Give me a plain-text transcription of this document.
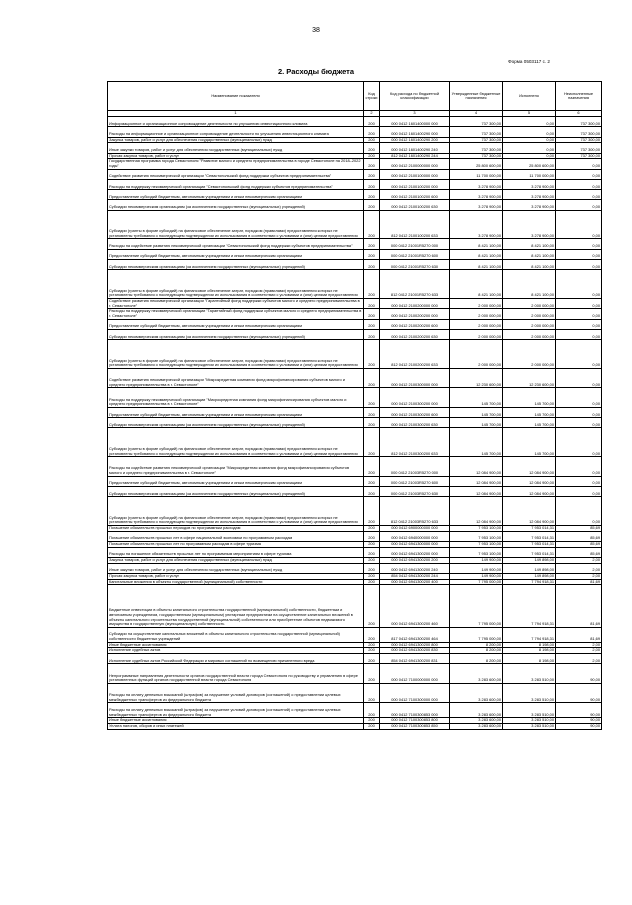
38
Форма 0503117 с. 2
2. Расходы бюджета
Наименование показателя	Код строки	Код расхода по бюджетной классификации	Утвержденные бюджетные назначения	Исполнено	Неисполненные назначения
1	2	3	4	5	6
Информационное и организационное сопровождение деятельности по улучшению инвестиционного климата	200	000 0412 1601400000 000	737 300,00	0,00	737 300,00
Расходы на информационное и организационное сопровождение деятельности по улучшению инвестиционного климата	200	000 0412 1601400290 000	737 300,00	0,00	737 300,00
Закупка товаров, работ и услуг для обеспечения государственных (муниципальных) нужд	200	000 0412 1601400290 200	737 300,00	0,00	737 300,00
Иные закупки товаров, работ и услуг для обеспечения государственных (муниципальных) нужд	200	000 0412 1601400290 240	737 300,00	0,00	737 300,00
Прочая закупка товаров, работ и услуг	200	812 0412 1601400290 244	737 300,00	0,00	737 300,00
Государственная программа города Севастополя "Развитие малого и среднего предпринимательства в городе Севастополе на 2018–2022 годы"	200	000 0412 2100000000 000	25 800 600,00	25 800 600,00	0,00
Содействие развитию некоммерческой организации "Севастопольский фонд поддержки субъектов предпринимательства"	200	000 0412 2100100000 000	11 700 000,00	11 700 000,00	0,00
Расходы на поддержку некоммерческой организации "Севастопольский фонд поддержки субъектов предпринимательства"	200	000 0412 2100100200 000	3 278 900,00	3 278 900,00	0,00
Предоставление субсидий бюджетным, автономным учреждениям и иным некоммерческим организациям	200	000 0412 2100100200 600	3 278 900,00	3 278 900,00	0,00
Субсидии некоммерческим организациям (за исключением государственных (муниципальных) учреждений)	200	000 0412 2100100200 630	3 278 900,00	3 278 900,00	0,00
Субсидии (гранты в форме субсидий) на финансовое обеспечение затрат, порядком (правилами) предоставления которых не установлены требования о последующем подтверждении их использования в соответствии с условиями и (или) целями предоставления	200	812 0412 2100100200 633	3 278 900,00	3 278 900,00	0,00
Расходы на содействие развитию некоммерческой организации "Севастопольский фонд поддержки субъектов предпринимательства"	200	000 0412 21001R5270 000	8 421 100,00	8 421 100,00	0,00
Предоставление субсидий бюджетным, автономным учреждениям и иным некоммерческим организациям	200	000 0412 21001R5270 600	8 421 100,00	8 421 100,00	0,00
Субсидии некоммерческим организациям (за исключением государственных (муниципальных) учреждений)	200	000 0412 21001R5270 630	8 421 100,00	8 421 100,00	0,00
Субсидии (гранты в форме субсидий) на финансовое обеспечение затрат, порядком (правилами) предоставления которых не установлены требования о последующем подтверждении их использования в соответствии с условиями и (или) целями предоставления	200	812 0412 21001R5270 633	8 421 100,00	8 421 100,00	0,00
Содействие развитию некоммерческой организации "Гарантийный фонд поддержки субъектов малого и среднего предпринимательства в г. Севастополе"	200	000 0412 2100200000 000	2 000 000,00	2 000 000,00	0,00
Расходы на поддержку некоммерческой организации "Гарантийный фонд поддержки субъектов малого и среднего предпринимательства в г. Севастополе"	200	000 0412 2100200200 000	2 000 000,00	2 000 000,00	0,00
Предоставление субсидий бюджетным, автономным учреждениям и иным некоммерческим организациям	200	000 0412 2100200200 600	2 000 000,00	2 000 000,00	0,00
Субсидии некоммерческим организациям (за исключением государственных (муниципальных) учреждений)	200	000 0412 2100200200 630	2 000 000,00	2 000 000,00	0,00
Субсидии (гранты в форме субсидий) на финансовое обеспечение затрат, порядком (правилами) предоставления которых не установлены требования о последующем подтверждении их использования в соответствии с условиями и (или) целями предоставления	200	812 0412 2100200200 633	2 000 000,00	2 000 000,00	0,00
Содействие развитию некоммерческой организации "Микрокредитная компания фонд микрофинансирования субъектов малого и среднего предпринимательства в г. Севастополе"	200	000 0412 2100300000 000	12 230 600,00	12 230 600,00	0,00
Расходы на поддержку некоммерческой организации "Микрокредитная компания фонд микрофинансирования субъектов малого и среднего предпринимательства в г. Севастополе"	200	000 0412 2100300200 000	145 700,00	145 700,00	0,00
Предоставление субсидий бюджетным, автономным учреждениям и иным некоммерческим организациям	200	000 0412 2100300200 600	145 700,00	145 700,00	0,00
Субсидии некоммерческим организациям (за исключением государственных (муниципальных) учреждений)	200	000 0412 2100300200 630	145 700,00	145 700,00	0,00
Субсидии (гранты в форме субсидий) на финансовое обеспечение затрат, порядком (правилами) предоставления которых не установлены требования о последующем подтверждении их использования в соответствии с условиями и (или) целями предоставления	200	812 0412 2100300200 633	145 700,00	145 700,00	0,00
Расходы на содействие развитию некоммерческой организации "Микрокредитная компания фонд микрофинансирования субъектов малого и среднего предпринимательства в г. Севастополе"	200	000 0412 21003R5270 000	12 084 900,00	12 084 900,00	0,00
Предоставление субсидий бюджетным, автономным учреждениям и иным некоммерческим организациям	200	000 0412 21003R5270 600	12 084 900,00	12 084 900,00	0,00
Субсидии некоммерческим организациям (за исключением государственных (муниципальных) учреждений)	200	000 0412 21003R5270 630	12 084 900,00	12 084 900,00	0,00
Субсидии (гранты в форме субсидий) на финансовое обеспечение затрат, порядком (правилами) предоставления которых не установлены требования о последующем подтверждении их использования в соответствии с условиями и (или) целями предоставления	200	812 0412 21003R5270 633	12 084 900,00	12 084 900,00	0,00
Погашение обязательств прошлых периодов по программным расходам	200	000 0412 6900000000 000	7 953 100,00	7 953 014,31	85,69
Погашение обязательств прошлых лет в сфере национальной экономики по программным расходам	200	000 0412 6940000000 000	7 953 100,00	7 953 014,31	85,69
Погашение обязательств прошлых лет по программным расходам в сфере туризма	200	000 0412 6941300000 000	7 953 100,00	7 953 014,31	85,69
Расходы на погашение обязательств прошлых лет по программным мероприятиям в сфере туризма	200	000 0412 6941300200 000	7 953 100,00	7 953 014,31	85,69
Закупка товаров, работ и услуг для обеспечения государственных (муниципальных) нужд	200	000 0412 6941300200 200	149 900,00	149 898,00	2,00
Иные закупки товаров, работ и услуг для обеспечения государственных (муниципальных) нужд	200	000 0412 6941300200 240	149 900,00	149 898,00	2,00
Прочая закупка товаров, работ и услуг	200	854 0412 6941300200 244	149 900,00	149 898,00	2,00
Капитальные вложения в объекты государственной (муниципальной) собственности	200	000 0412 6941300200 400	7 795 000,00	7 794 918,31	81,69
Бюджетные инвестиции в объекты капитального строительства государственной (муниципальной) собственности, бюджетным и автономным учреждениям, государственным (муниципальным) унитарным предприятиям на осуществление капитальных вложений в объекты капитального строительства государственной (муниципальной) собственности или приобретение объектов недвижимого имущества в государственную (муниципальную) собственность	200	000 0412 6941300200 460	7 795 000,00	7 794 918,31	81,69
Субсидии на осуществление капитальных вложений в объекты капитального строительства государственной (муниципальной) собственности бюджетных учреждений	200	817 0412 6941300200 464	7 795 000,00	7 794 918,31	81,69
Иные бюджетные ассигнования	200	000 0412 6941300200 800	8 200,00	8 198,00	2,00
Исполнение судебных актов	200	000 0412 6941300200 830	8 200,00	8 198,00	2,00
Исполнение судебных актов Российской Федерации и мировых соглашений по возмещению причиненного вреда	200	854 0412 6941300200 831	8 200,00	8 198,00	2,00
Непрограммные направления деятельности органов государственной власти города Севастополя по руководству и управлению в сфере установленных функций органов государственной власти города Севастополя	200	000 0412 7100000000 000	3 283 600,00	3 283 510,00	90,00
Расходы на оплату денежных взысканий (штрафов) за нарушение условий договоров (соглашений) о предоставлении целевых межбюджетных трансфертов из федерального бюджета	200	000 0412 7100300000 000	3 283 600,00	3 283 510,00	90,00
Расходы на оплату денежных взысканий (штрафов) за нарушение условий договоров (соглашений) о предоставлении целевых межбюджетных трансфертов из федерального бюджета	200	000 0412 7100300853 000	3 283 600,00	3 283 510,00	90,00
Иные бюджетные ассигнования	200	000 0412 7100300853 800	3 283 600,00	3 283 510,00	90,00
Уплата налогов, сборов и иных платежей	200	000 0412 7100300853 850	3 283 600,00	3 283 510,00	90,00
